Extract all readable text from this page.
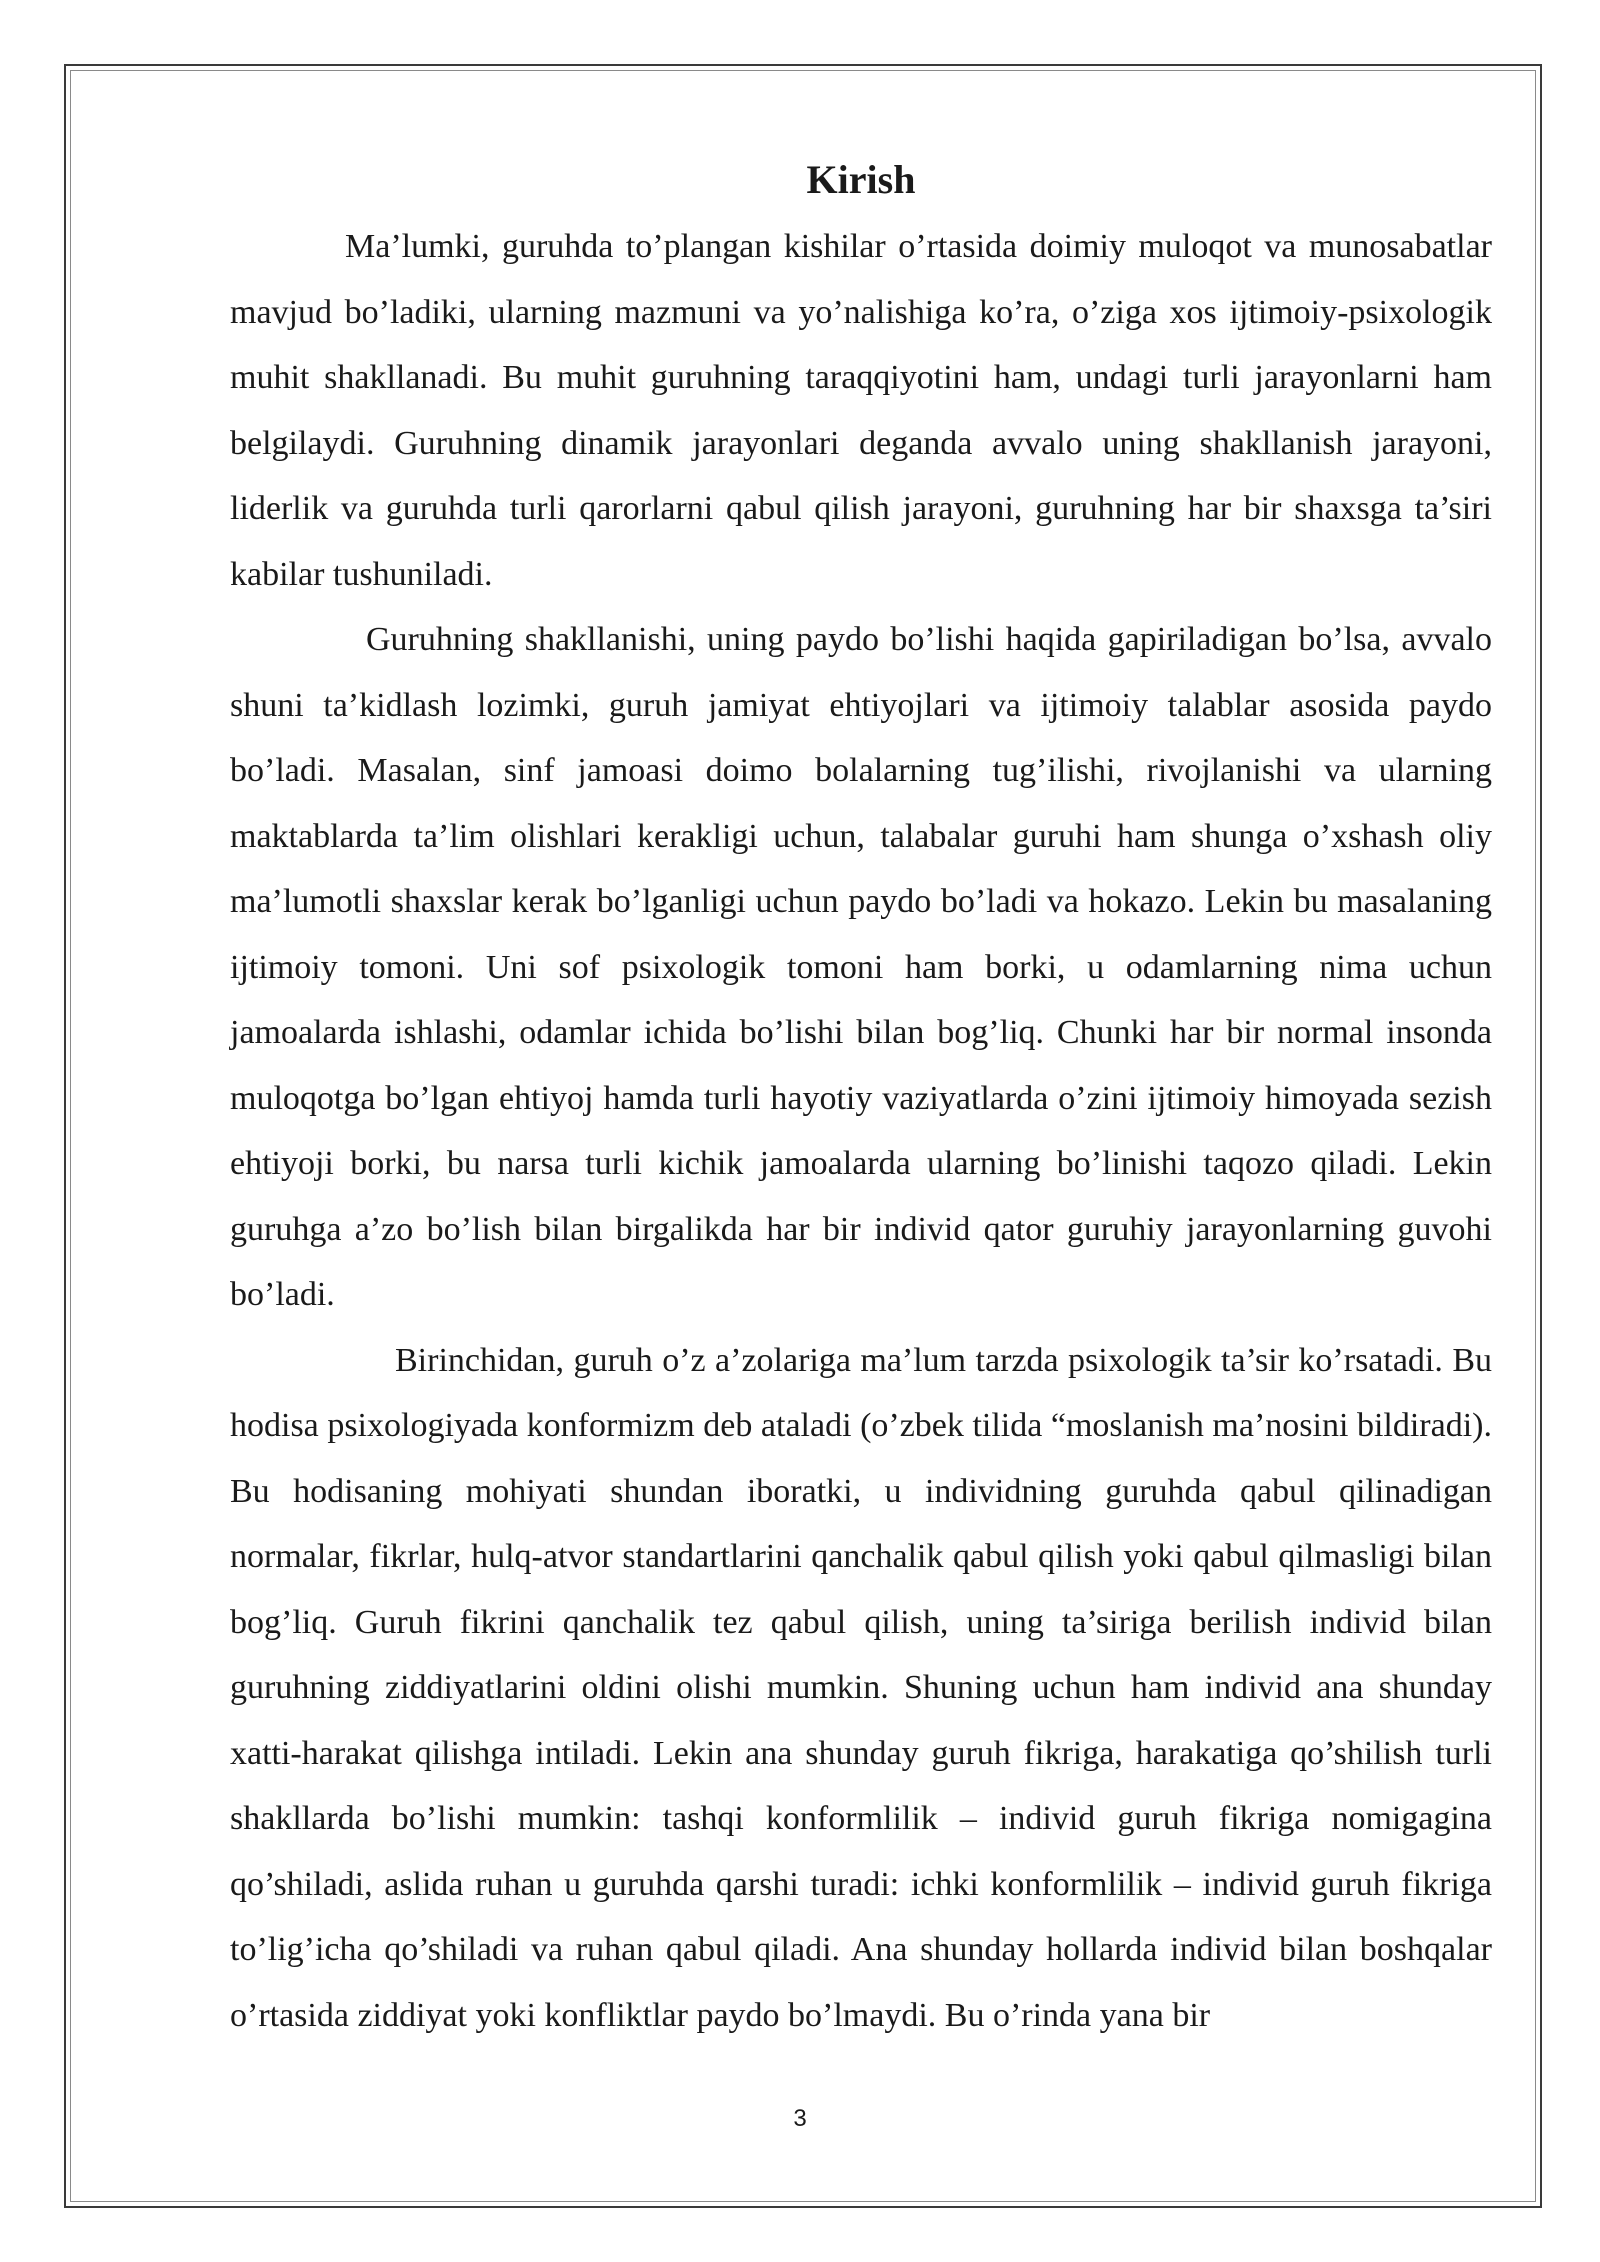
Kirish

Ma’lumki, guruhda to’plangan kishilar o’rtasida doimiy muloqot va munosabatlar mavjud bo’ladiki, ularning mazmuni va yo’nalishiga ko’ra, o’ziga xos ijtimoiy-psixologik muhit shakllanadi. Bu muhit guruhning taraqqiyotini ham, undagi turli jarayonlarni ham belgilaydi. Guruhning dinamik jarayonlari deganda avvalo uning shakllanish jarayoni, liderlik va guruhda turli qarorlarni qabul qilish jarayoni, guruhning har bir shaxsga ta’siri kabilar tushuniladi.

Guruhning shakllanishi, uning paydo bo’lishi haqida gapiriladigan bo’lsa, avvalo shuni ta’kidlash lozimki, guruh jamiyat ehtiyojlari va ijtimoiy talablar asosida paydo bo’ladi. Masalan, sinf jamoasi doimo bolalarning tug’ilishi, rivojlanishi va ularning maktablarda ta’lim olishlari kerakligi uchun, talabalar guruhi ham shunga o’xshash oliy ma’lumotli shaxslar kerak bo’lganligi uchun paydo bo’ladi va hokazo. Lekin bu masalaning ijtimoiy tomoni. Uni sof psixologik tomoni ham borki, u odamlarning nima uchun jamoalarda ishlashi, odamlar ichida bo’lishi bilan bog’liq. Chunki har bir normal insonda muloqotga bo’lgan ehtiyoj hamda turli hayotiy vaziyatlarda o’zini ijtimoiy himoyada sezish ehtiyoji borki, bu narsa turli kichik jamoalarda ularning bo’linishi taqozo qiladi. Lekin guruhga a’zo bo’lish bilan birgalikda har bir individ qator guruhiy jarayonlarning guvohi bo’ladi.

Birinchidan, guruh o’z a’zolariga ma’lum tarzda psixologik ta’sir ko’rsatadi. Bu hodisa psixologiyada konformizm deb ataladi (o’zbek tilida “moslanish ma’nosini bildiradi). Bu hodisaning mohiyati shundan iboratki, u individning guruhda qabul qilinadigan normalar, fikrlar, hulq-atvor standartlarini qanchalik qabul qilish yoki qabul qilmasligi bilan bog’liq. Guruh fikrini qanchalik tez qabul qilish, uning ta’siriga berilish individ bilan guruhning ziddiyatlarini oldini olishi mumkin. Shuning uchun ham individ ana shunday xatti-harakat qilishga intiladi. Lekin ana shunday guruh fikriga, harakatiga qo’shilish turli shakllarda bo’lishi mumkin: tashqi konformlilik – individ guruh fikriga nomigagina qo’shiladi, aslida ruhan u guruhda qarshi turadi: ichki konformlilik – individ guruh fikriga to’lig’icha qo’shiladi va ruhan qabul qiladi. Ana shunday hollarda individ bilan boshqalar o’rtasida ziddiyat yoki konfliktlar paydo bo’lmaydi. Bu o’rinda yana bir

3
